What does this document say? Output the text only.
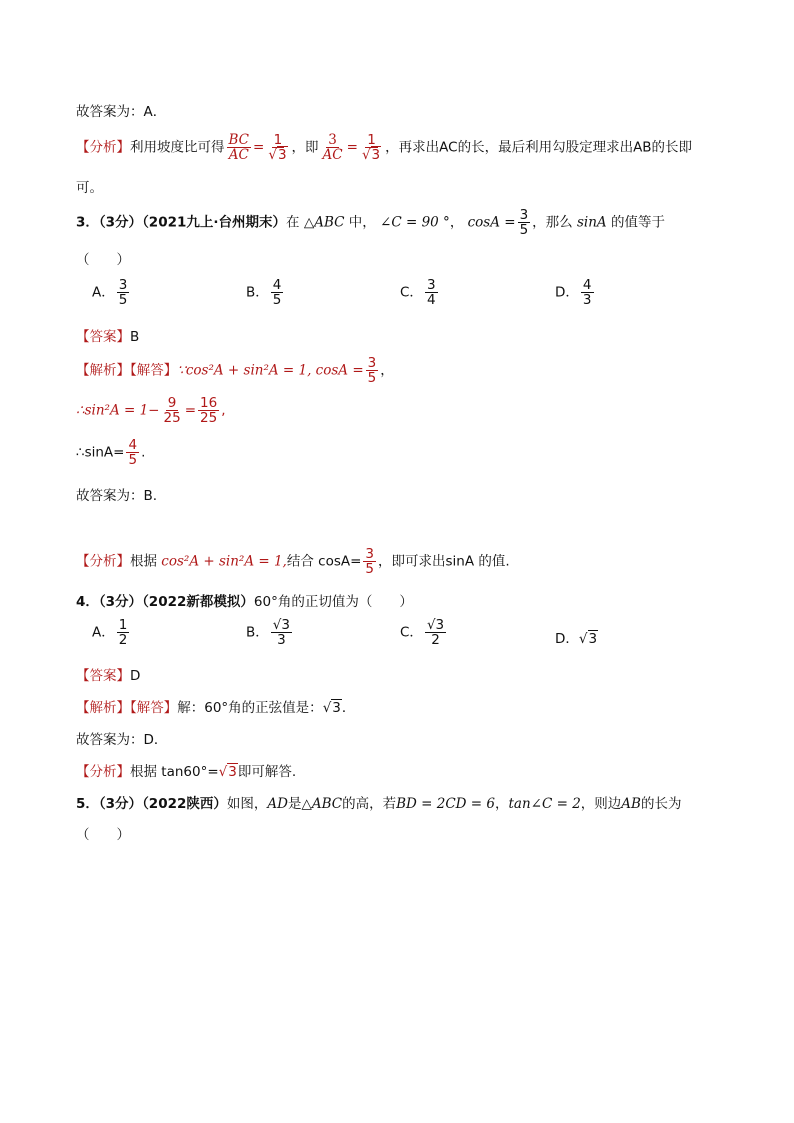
故答案为：A．
【分析】利用坡度比可得 $\frac{BC}{AC} = 1$
√ 3 ，即 $\frac{3}{AC} = 1$
√ 3 ，再求出AC的长，最后利用勾股定理求出AB的长即
可。
3．（3分）（2021九上·台州期末）在 △ABC 中， ∠C = 90 °， $\cos A = \frac{3}{5}$ ，那么 sinA 的值等于
（　　）
A． $\frac{3}{5}$	B． $\frac{4}{5}$	C． $\frac{3}{4}$	D． $\frac{4}{3}$
【答案】B
【解析】【解答】∵cos²A + sin²A = 1, $\cos A = \frac{3}{5}$ ，
∴sin²A = $1- \frac{9}{25} = \frac{16}{25}$ ,
∴sinA= $\frac{4}{5}$ .
故答案为：B.
【分析】根据 cos²A + sin²A = 1,结合 $\cos A= \frac{3}{5}$ ，即可求出sinA 的值.
4．（3分）（2022新都模拟）60°角的正切值为（　　）
A． $\frac{1}{2}$	B． $\frac{√3}{3}$	C． $\frac{√3}{2}$	D． √ 3
【答案】D
【解析】【解答】解：60°角的正弦值是： √ 3．
故答案为：D．
【分析】根据 tan60°= √ 3即可解答.
5．（3分）（2022陕西）如图，AD是△ABC的高，若BD = 2CD = 6，tan∠C = 2，则边AB的长为
（　　）
